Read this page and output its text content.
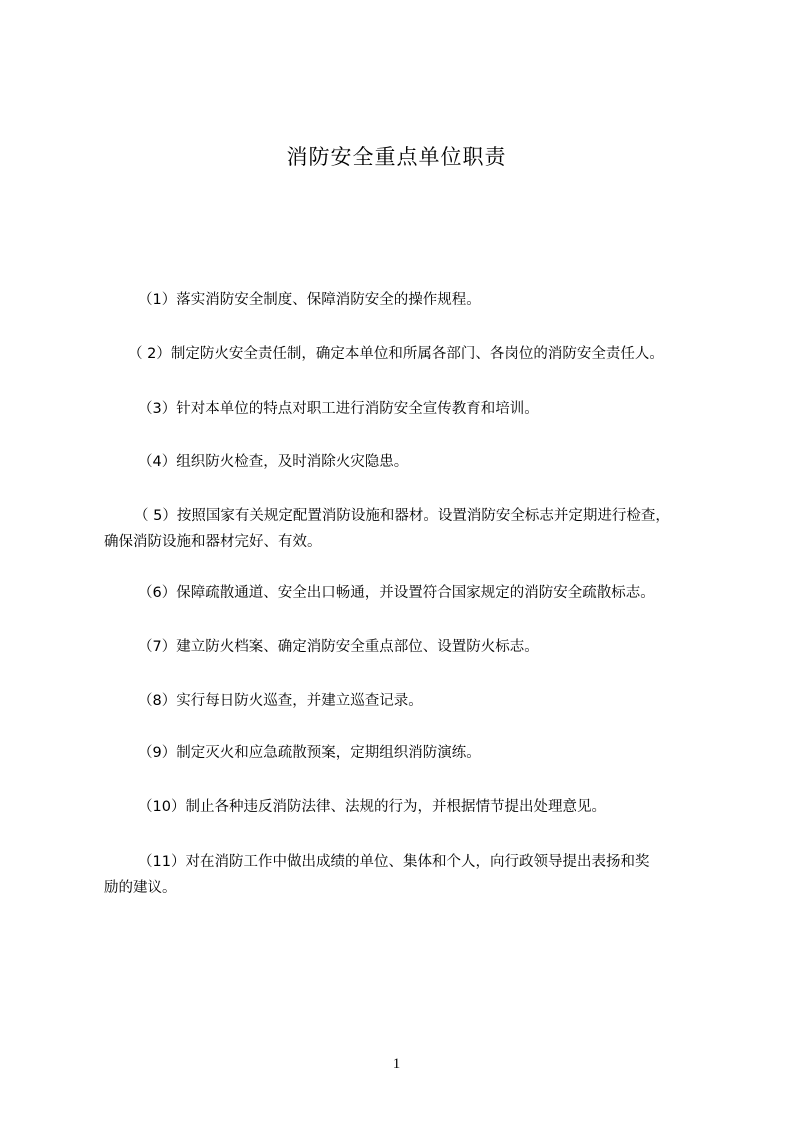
消防安全重点单位职责

（1）落实消防安全制度、保障消防安全的操作规程。

（ 2）制定防火安全责任制，确定本单位和所属各部门、各岗位的消防安全责任人。

（3）针对本单位的特点对职工进行消防安全宣传教育和培训。

（4）组织防火检查，及时消除火灾隐患。

（ 5）按照国家有关规定配置消防设施和器材。设置消防安全标志并定期进行检查，

确保消防设施和器材完好、有效。

（6）保障疏散通道、安全出口畅通，并设置符合国家规定的消防安全疏散标志。

（7）建立防火档案、确定消防安全重点部位、设置防火标志。

（8）实行每日防火巡查，并建立巡查记录。

（9）制定灭火和应急疏散预案，定期组织消防演练。

（10）制止各种违反消防法律、法规的行为，并根据情节提出处理意见。

（11）对在消防工作中做出成绩的单位、集体和个人，向行政领导提出表扬和奖

励的建议。

1
